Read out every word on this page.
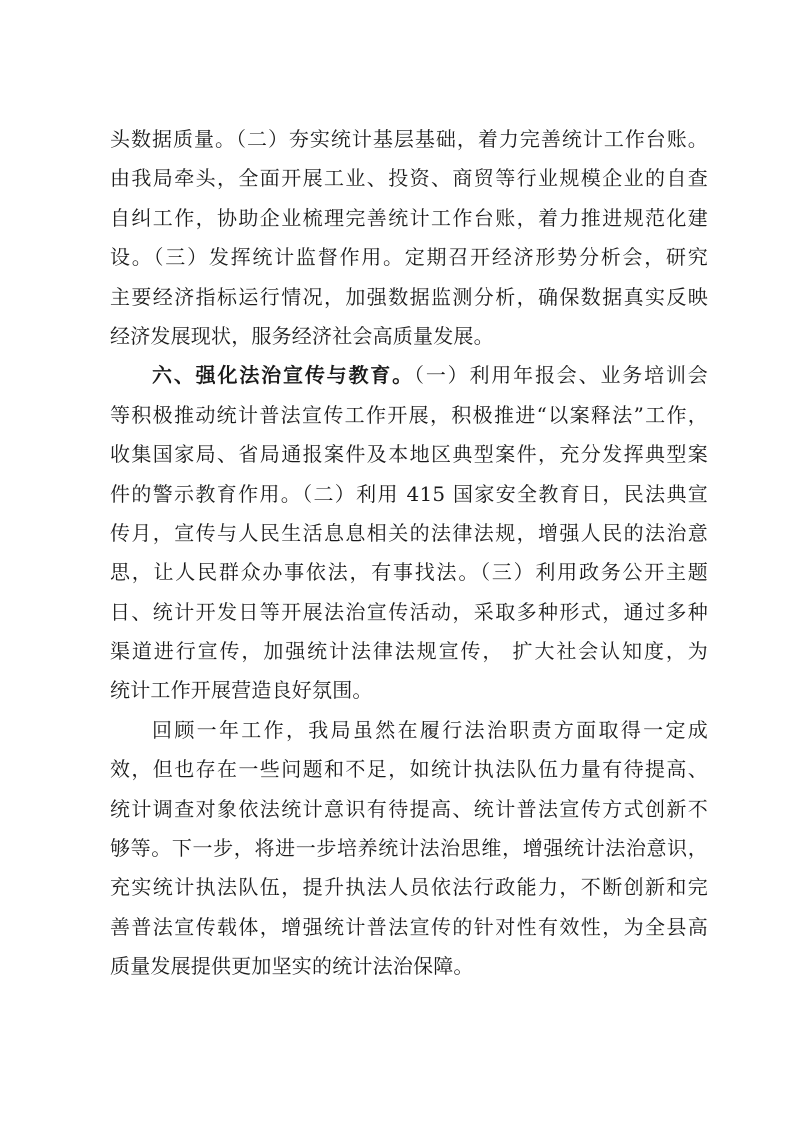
头数据质量。（二）夯实统计基层基础，着力完善统计工作台账。
由我局牵头，全面开展工业、投资、商贸等行业规模企业的自查
自纠工作，协助企业梳理完善统计工作台账，着力推进规范化建
设。（三）发挥统计监督作用。定期召开经济形势分析会，研究
主要经济指标运行情况，加强数据监测分析，确保数据真实反映
经济发展现状，服务经济社会高质量发展。
六、强化法治宣传与教育。（一）利用年报会、业务培训会
等积极推动统计普法宣传工作开展，积极推进“以案释法”工作，
收集国家局、省局通报案件及本地区典型案件，充分发挥典型案
件的警示教育作用。（二）利用 415 国家安全教育日，民法典宣
传月，宣传与人民生活息息相关的法律法规，增强人民的法治意
思，让人民群众办事依法，有事找法。（三）利用政务公开主题
日、统计开发日等开展法治宣传活动，采取多种形式，通过多种
渠道进行宣传，加强统计法律法规宣传， 扩大社会认知度，为
统计工作开展营造良好氛围。
回顾一年工作，我局虽然在履行法治职责方面取得一定成
效，但也存在一些问题和不足，如统计执法队伍力量有待提高、
统计调查对象依法统计意识有待提高、统计普法宣传方式创新不
够等。下一步，将进一步培养统计法治思维，增强统计法治意识，
充实统计执法队伍，提升执法人员依法行政能力，不断创新和完
善普法宣传载体，增强统计普法宣传的针对性有效性，为全县高
质量发展提供更加坚实的统计法治保障。
